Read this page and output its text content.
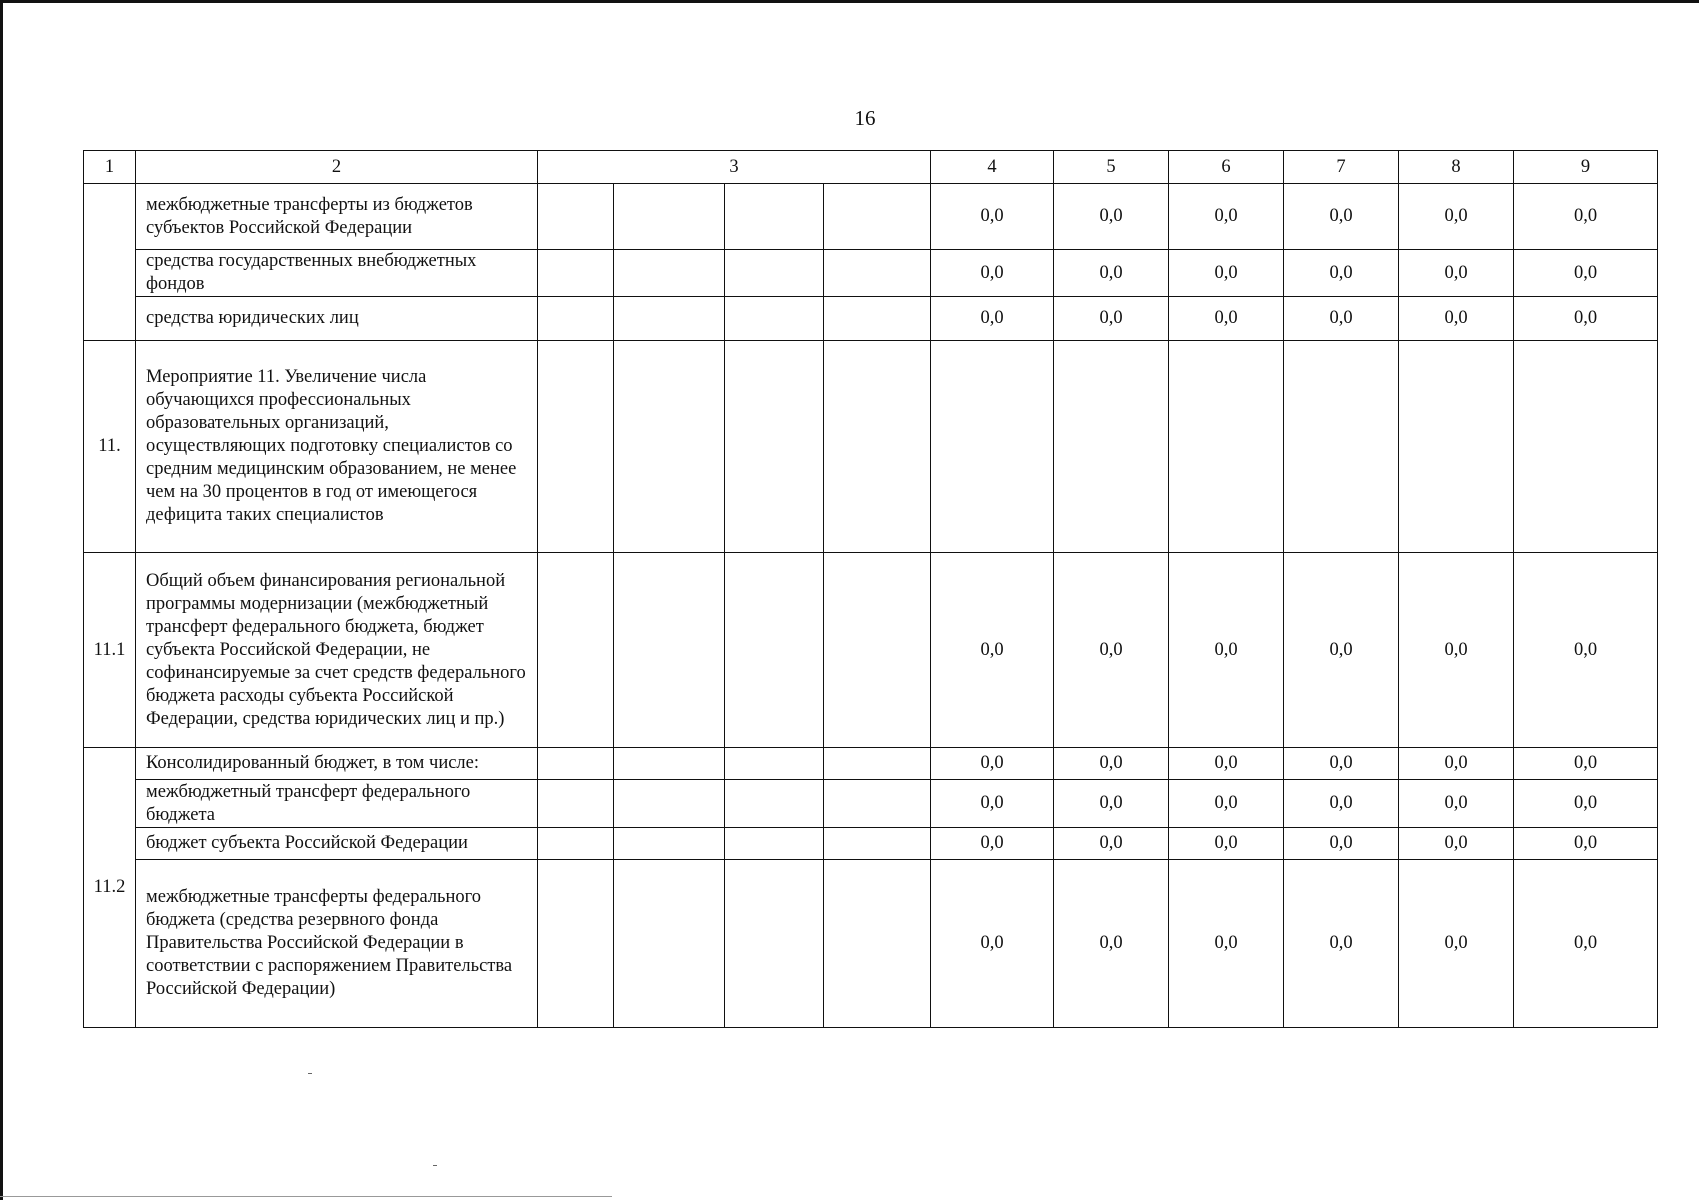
16
1	2	3				4	5	6	7	8	9
	межбюджетные трансферты из бюджетов субъектов Российской Федерации					0,0	0,0	0,0	0,0	0,0	0,0
	средства государственных внебюджетных фондов					0,0	0,0	0,0	0,0	0,0	0,0
	средства юридических лиц					0,0	0,0	0,0	0,0	0,0	0,0
11.	Мероприятие 11. Увеличение числа обучающихся профессиональных образовательных организаций, осуществляющих подготовку специалистов со средним медицинским образованием, не менее чем на 30 процентов в год от имеющегося дефицита таких специалистов										
11.1	Общий объем финансирования региональной программы модернизации (межбюджетный трансферт федерального бюджета, бюджет субъекта Российской Федерации, не софинансируемые за счет средств федерального бюджета расходы субъекта Российской Федерации, средства юридических лиц и пр.)					0,0	0,0	0,0	0,0	0,0	0,0
11.2	Консолидированный бюджет, в том числе:					0,0	0,0	0,0	0,0	0,0	0,0
	межбюджетный трансферт федерального бюджета					0,0	0,0	0,0	0,0	0,0	0,0
	бюджет субъекта Российской Федерации					0,0	0,0	0,0	0,0	0,0	0,0
	межбюджетные трансферты федерального бюджета (средства резервного фонда Правительства Российской Федерации в соответствии с распоряжением Правительства Российской Федерации)					0,0	0,0	0,0	0,0	0,0	0,0
